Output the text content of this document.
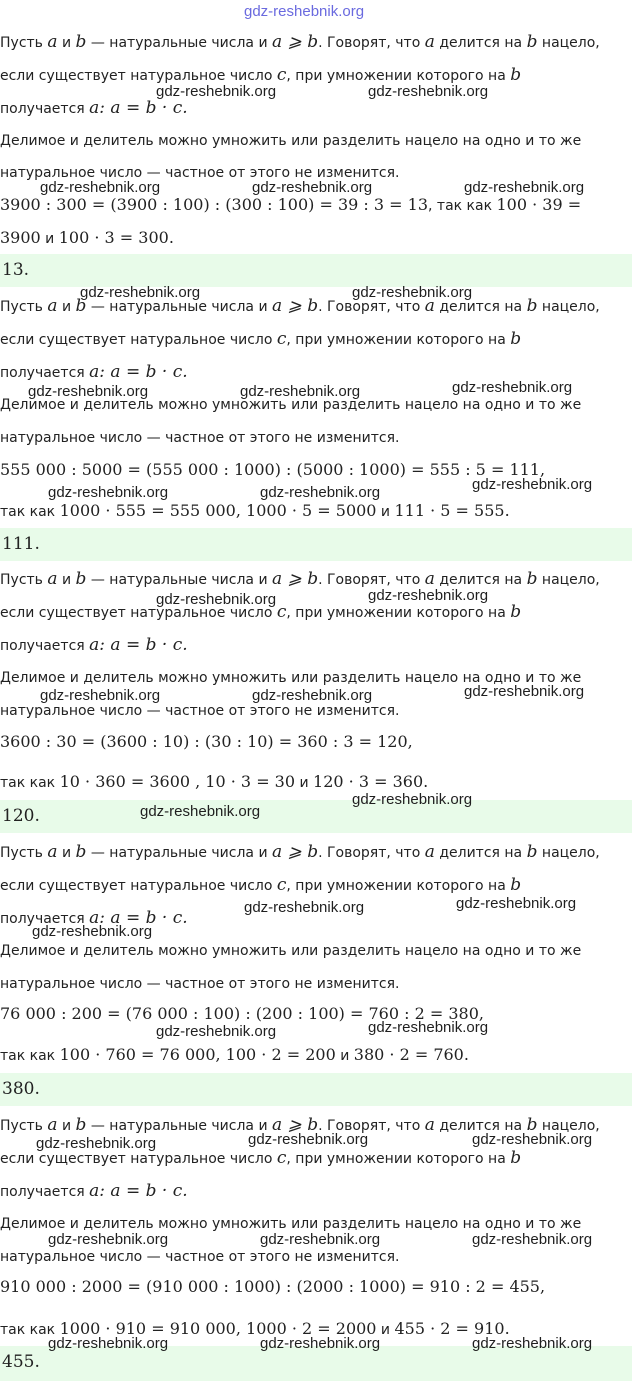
gdz-reshebnik.org
Пусть a и b — натуральные числа и a ⩾ b. Говорят, что a делится на b нацело,
если существует натуральное число c, при умножении которого на b
получается a: a = b · c.
Делимое и делитель можно умножить или разделить нацело на одно и то же
натуральное число — частное от этого не изменится.
3900 : 300 = (3900 : 100) : (300 : 100) = 39 : 3 = 13, так как 100 · 39 =
3900 и 100 · 3 = 300.
13.
Пусть a и b — натуральные числа и a ⩾ b. Говорят, что a делится на b нацело,
если существует натуральное число c, при умножении которого на b
получается a: a = b · c.
Делимое и делитель можно умножить или разделить нацело на одно и то же
натуральное число — частное от этого не изменится.
555 000 : 5000 = (555 000 : 1000) : (5000 : 1000) = 555 : 5 = 111,
так как 1000 · 555 = 555 000, 1000 · 5 = 5000 и 111 · 5 = 555.
111.
Пусть a и b — натуральные числа и a ⩾ b. Говорят, что a делится на b нацело,
если существует натуральное число c, при умножении которого на b
получается a: a = b · c.
Делимое и делитель можно умножить или разделить нацело на одно и то же
натуральное число — частное от этого не изменится.
3600 : 30 = (3600 : 10) : (30 : 10) = 360 : 3 = 120,
так как 10 · 360 = 3600 , 10 · 3 = 30 и 120 · 3 = 360.
120.
Пусть a и b — натуральные числа и a ⩾ b. Говорят, что a делится на b нацело,
если существует натуральное число c, при умножении которого на b
получается a: a = b · c.
Делимое и делитель можно умножить или разделить нацело на одно и то же
натуральное число — частное от этого не изменится.
76 000 : 200 = (76 000 : 100) : (200 : 100) = 760 : 2 = 380,
так как 100 · 760 = 76 000, 100 · 2 = 200 и 380 · 2 = 760.
380.
Пусть a и b — натуральные числа и a ⩾ b. Говорят, что a делится на b нацело,
если существует натуральное число c, при умножении которого на b
получается a: a = b · c.
Делимое и делитель можно умножить или разделить нацело на одно и то же
натуральное число — частное от этого не изменится.
910 000 : 2000 = (910 000 : 1000) : (2000 : 1000) = 910 : 2 = 455,
так как 1000 · 910 = 910 000, 1000 · 2 = 2000 и 455 · 2 = 910.
455.
gdz-reshebnik.org	gdz-reshebnik.org
gdz-reshebnik.org	gdz-reshebnik.org	gdz-reshebnik.org
gdz-reshebnik.org	gdz-reshebnik.org
gdz-reshebnik.org	gdz-reshebnik.org	gdz-reshebnik.org
gdz-reshebnik.org	gdz-reshebnik.org	gdz-reshebnik.org
gdz-reshebnik.org	gdz-reshebnik.org
gdz-reshebnik.org	gdz-reshebnik.org	gdz-reshebnik.org
gdz-reshebnik.org
gdz-reshebnik.org
gdz-reshebnik.org	gdz-reshebnik.org
gdz-reshebnik.org
gdz-reshebnik.org	gdz-reshebnik.org
gdz-reshebnik.org	gdz-reshebnik.org	gdz-reshebnik.org
gdz-reshebnik.org	gdz-reshebnik.org	gdz-reshebnik.org
gdz-reshebnik.org	gdz-reshebnik.org	gdz-reshebnik.org
